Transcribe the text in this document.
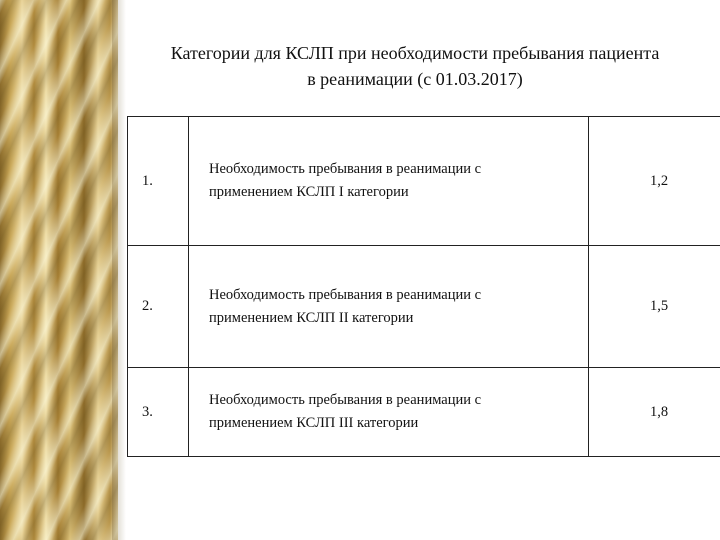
Категории для КСЛП при необходимости пребывания пациента
в реанимации (с 01.03.2017)
1.	Необходимость пребывания в реанимации с применением КСЛП I категории	1,2
2.	Необходимость пребывания в реанимации с применением КСЛП II категории	1,5
3.	Необходимость пребывания в реанимации с применением КСЛП III категории	1,8
